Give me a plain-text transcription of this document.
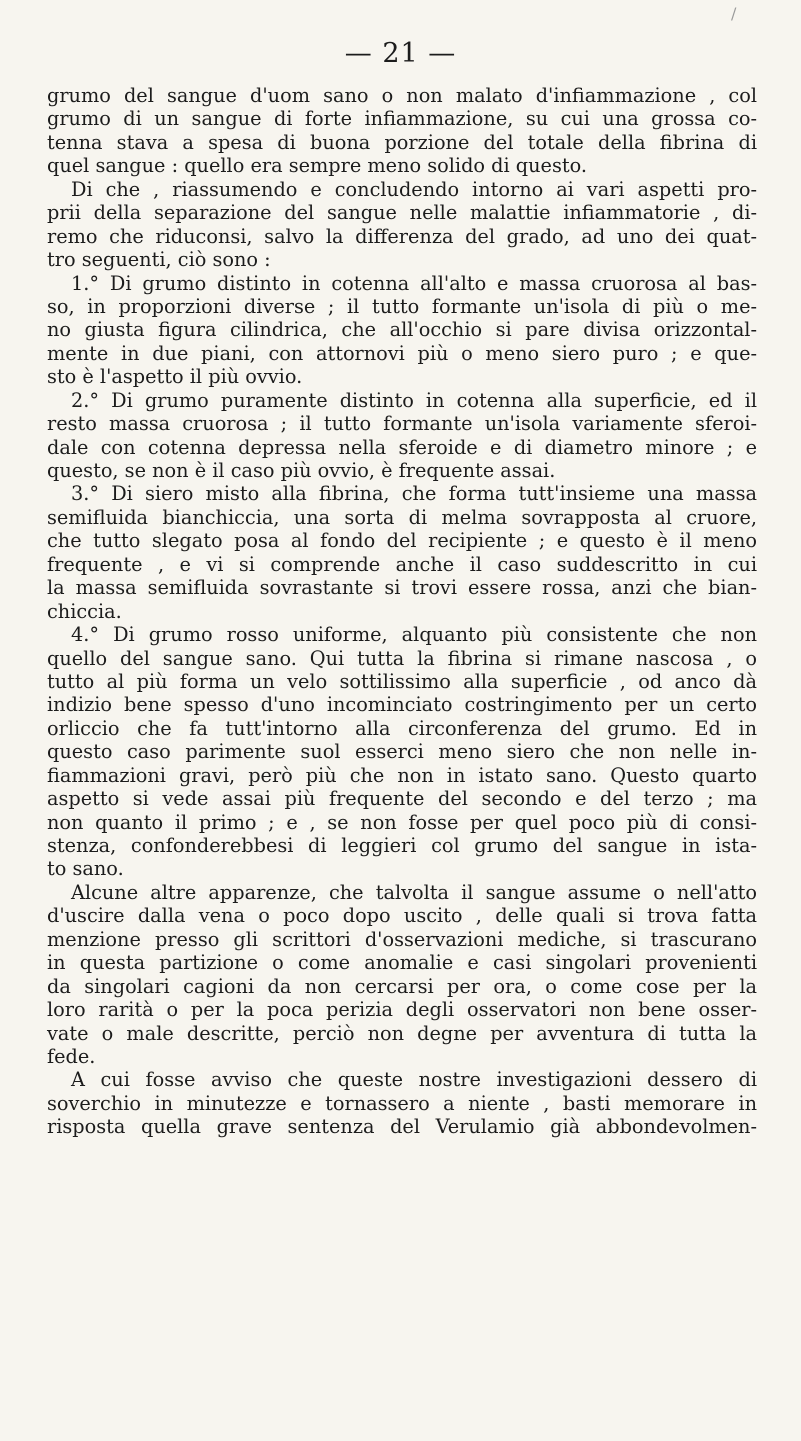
/
— 21 —
grumo del sangue d'uom sano o non malato d'infiammazione , col
grumo di un sangue di forte infiammazione, su cui una grossa co-
tenna stava a spesa di buona porzione del totale della fibrina di
quel sangue : quello era sempre meno solido di questo.
Di che , riassumendo e concludendo intorno ai vari aspetti pro-
prii della separazione del sangue nelle malattie infiammatorie , di-
remo che riduconsi, salvo la differenza del grado, ad uno dei quat-
tro seguenti, ciò sono :
1.° Di grumo distinto in cotenna all'alto e massa cruorosa al bas-
so, in proporzioni diverse ; il tutto formante un'isola di più o me-
no giusta figura cilindrica, che all'occhio si pare divisa orizzontal-
mente in due piani, con attornovi più o meno siero puro ; e que-
sto è l'aspetto il più ovvio.
2.° Di grumo puramente distinto in cotenna alla superficie, ed il
resto massa cruorosa ; il tutto formante un'isola variamente sferoi-
dale con cotenna depressa nella sferoide e di diametro minore ; e
questo, se non è il caso più ovvio, è frequente assai.
3.° Di siero misto alla fibrina, che forma tutt'insieme una massa
semifluida bianchiccia, una sorta di melma sovrapposta al cruore,
che tutto slegato posa al fondo del recipiente ; e questo è il meno
frequente , e vi si comprende anche il caso suddescritto in cui
la massa semifluida sovrastante si trovi essere rossa, anzi che bian-
chiccia.
4.° Di grumo rosso uniforme, alquanto più consistente che non
quello del sangue sano. Qui tutta la fibrina si rimane nascosa , o
tutto al più forma un velo sottilissimo alla superficie , od anco dà
indizio bene spesso d'uno incominciato costringimento per un certo
orliccio che fa tutt'intorno alla circonferenza del grumo. Ed in
questo caso parimente suol esserci meno siero che non nelle in-
fiammazioni gravi, però più che non in istato sano. Questo quarto
aspetto si vede assai più frequente del secondo e del terzo ; ma
non quanto il primo ; e , se non fosse per quel poco più di consi-
stenza, confonderebbesi di leggieri col grumo del sangue in ista-
to sano.
Alcune altre apparenze, che talvolta il sangue assume o nell'atto
d'uscire dalla vena o poco dopo uscito , delle quali si trova fatta
menzione presso gli scrittori d'osservazioni mediche, si trascurano
in questa partizione o come anomalie e casi singolari provenienti
da singolari cagioni da non cercarsi per ora, o come cose per la
loro rarità o per la poca perizia degli osservatori non bene osser-
vate o male descritte, perciò non degne per avventura di tutta la
fede.
A cui fosse avviso che queste nostre investigazioni dessero di
soverchio in minutezze e tornassero a niente , basti memorare in
risposta quella grave sentenza del Verulamio già abbondevolmen-
